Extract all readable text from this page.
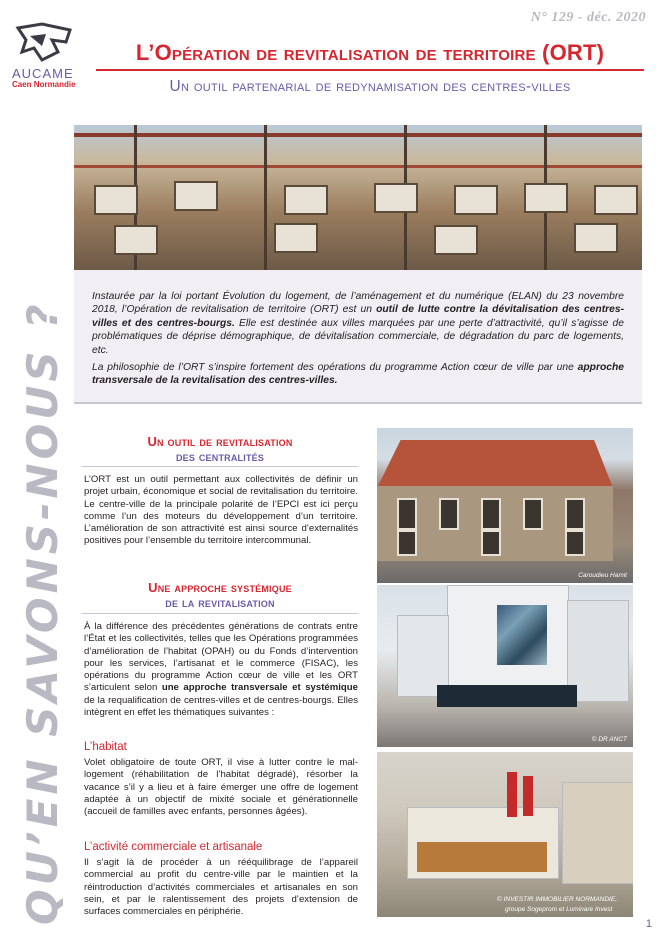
N° 129 - déc. 2020
AUCAME
Caen Normandie
L’Opération de revitalisation de territoire (ORT)
Un outil partenarial de redynamisation des centres-villes
QU’EN SAVONS-NOUS ?

Instaurée par la loi portant Évolution du logement, de l’aménagement et du numérique (ELAN) du 23 novembre 2018, l’Opération de revitalisation de territoire (ORT) est un outil de lutte contre la dévitalisation des centres-villes et des centres-bourgs. Elle est destinée aux villes marquées par une perte d’attractivité, qu’il s’agisse de problématiques de déprise démographique, de dévitalisation commerciale, de dégradation du parc de logements, etc.

La philosophie de l’ORT s’inspire fortement des opérations du programme Action cœur de ville par une approche transversale de la revitalisation des centres-villes.

Un outil de revitalisation
des centralités
L’ORT est un outil permettant aux collectivités de définir un projet urbain, économique et social de revitalisation du territoire. Le centre-ville de la principale polarité de l’EPCI est ici perçu comme l’un des moteurs du développement d’un territoire. L’amélioration de son attractivité est ainsi source d’externalités positives pour l’ensemble du territoire intercommunal.
Une approche systémique
de la revitalisation
À la différence des précédentes générations de contrats entre l’État et les collectivités, telles que les Opérations programmées d’amélioration de l’habitat (OPAH) ou du Fonds d’intervention pour les services, l’artisanat et le commerce (FISAC), les opérations du programme Action cœur de ville et les ORT s’articulent selon une approche transversale et systémique de la requalification de centres-villes et de centres-bourgs. Elles intègrent en effet les thématiques suivantes :
L’habitat
Volet obligatoire de toute ORT, il vise à lutter contre le mal-logement (réhabilitation de l’habitat dégradé), résorber la vacance s’il y a lieu et à faire émerger une offre de logement adaptée à un objectif de mixité sociale et générationnelle (accueil de familles avec enfants, personnes âgées).
L’activité commerciale et artisanale
Il s’agit là de procéder à un rééquilibrage de l’appareil commercial au profit du centre-ville par le maintien et la réintroduction d’activités commerciales et artisanales en son sein, et par le ralentissement des projets d’extension de surfaces commerciales en périphérie.
Caroudieu Hamit
© DR ANCT
© INVESTIR IMMOBILIER NORMANDIE,
groupe Sogeprom et Luminare Invest
1
